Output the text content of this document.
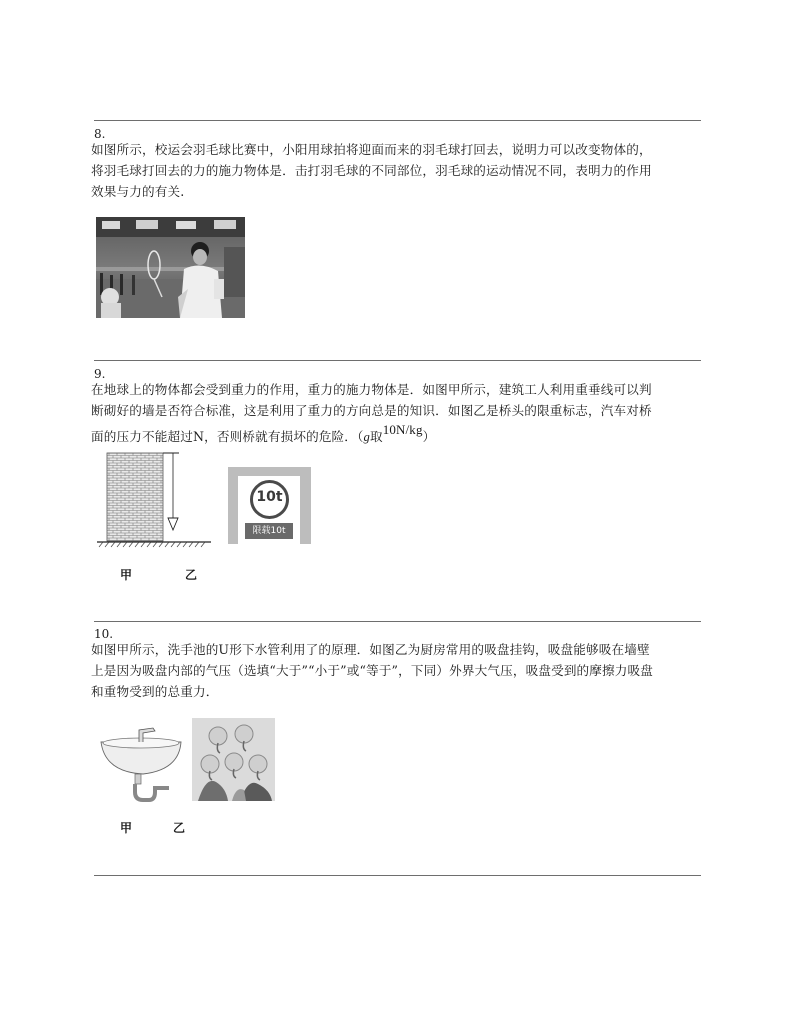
8.
如图所示，校运会羽毛球比赛中，小阳用球拍将迎面而来的羽毛球打回去，说明力可以改变物体的，
将羽毛球打回去的力的施力物体是．击打羽毛球的不同部位，羽毛球的运动情况不同，表明力的作用
效果与力的有关.
9.
在地球上的物体都会受到重力的作用，重力的施力物体是．如图甲所示，建筑工人利用重垂线可以判
断砌好的墙是否符合标准，这是利用了重力的方向总是的知识．如图乙是桥头的限重标志，汽车对桥
面的压力不能超过N，否则桥就有损坏的危险．（g取10N/kg）
10t
限载10t
甲	乙
10.
如图甲所示，洗手池的U形下水管利用了的原理．如图乙为厨房常用的吸盘挂钩，吸盘能够吸在墙壁
上是因为吸盘内部的气压（选填“大于”“小于”或“等于”，下同）外界大气压，吸盘受到的摩擦力吸盘
和重物受到的总重力．
甲	乙
